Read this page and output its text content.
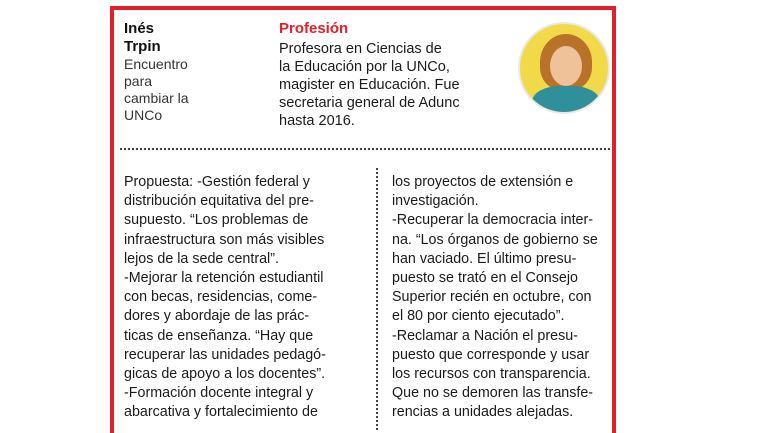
Inés

Trpin

Encuentro

para

cambiar la

UNCo

Profesión

Profesora en Ciencias de

la Educación por la UNCo,

magister en Educación. Fue

secretaria general de Adunc

hasta 2016.

Propuesta: -Gestión federal y

distribución equitativa del pre-

supuesto. “Los problemas de

infraestructura son más visibles

lejos de la sede central”.

-Mejorar la retención estudiantil

con becas, residencias, come-

dores y abordaje de las prác-

ticas de enseñanza. “Hay que

recuperar las unidades pedagó-

gicas de apoyo a los docentes”.

-Formación docente integral y

abarcativa y fortalecimiento de

los proyectos de extensión e

investigación.

-Recuperar la democracia inter-

na. “Los órganos de gobierno se

han vaciado. El último presu-

puesto se trató en el Consejo

Superior recién en octubre, con

el 80 por ciento ejecutado”.

-Reclamar a Nación el presu-

puesto que corresponde y usar

los recursos con transparencia.

Que no se demoren las transfe-

rencias a unidades alejadas.
